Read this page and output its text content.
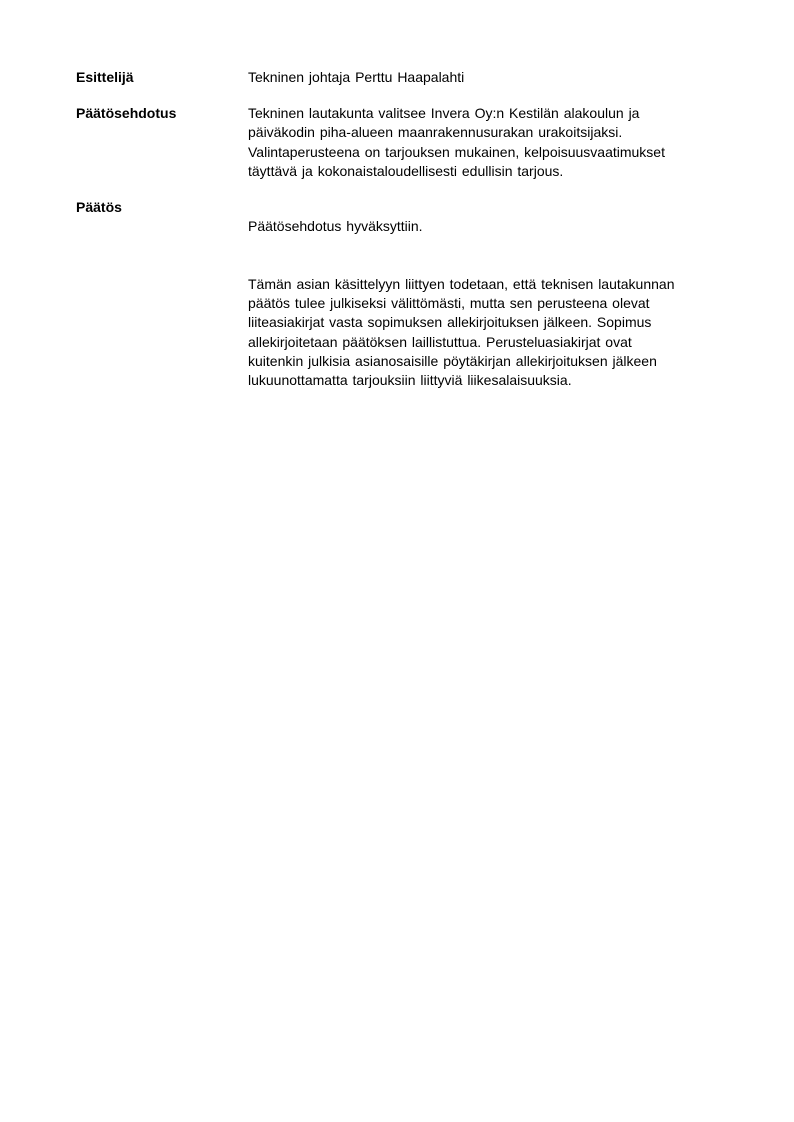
Esittelijä	Tekninen johtaja Perttu Haapalahti
Päätösehdotus	Tekninen lautakunta valitsee Invera Oy:n Kestilän alakoulun ja
päiväkodin piha-alueen maanrakennusurakan urakoitsijaksi.
Valintaperusteena on tarjouksen mukainen, kelpoisuusvaatimukset
täyttävä ja kokonaistaloudellisesti edullisin tarjous.
Päätös

Päätösehdotus hyväksyttiin.

Tämän asian käsittelyyn liittyen todetaan, että teknisen lautakunnan
päätös tulee julkiseksi välittömästi, mutta sen perusteena olevat
liiteasiakirjat vasta sopimuksen allekirjoituksen jälkeen. Sopimus
allekirjoitetaan päätöksen laillistuttua. Perusteluasiakirjat ovat
kuitenkin julkisia asianosaisille pöytäkirjan allekirjoituksen jälkeen
lukuunottamatta tarjouksiin liittyviä liikesalaisuuksia.
